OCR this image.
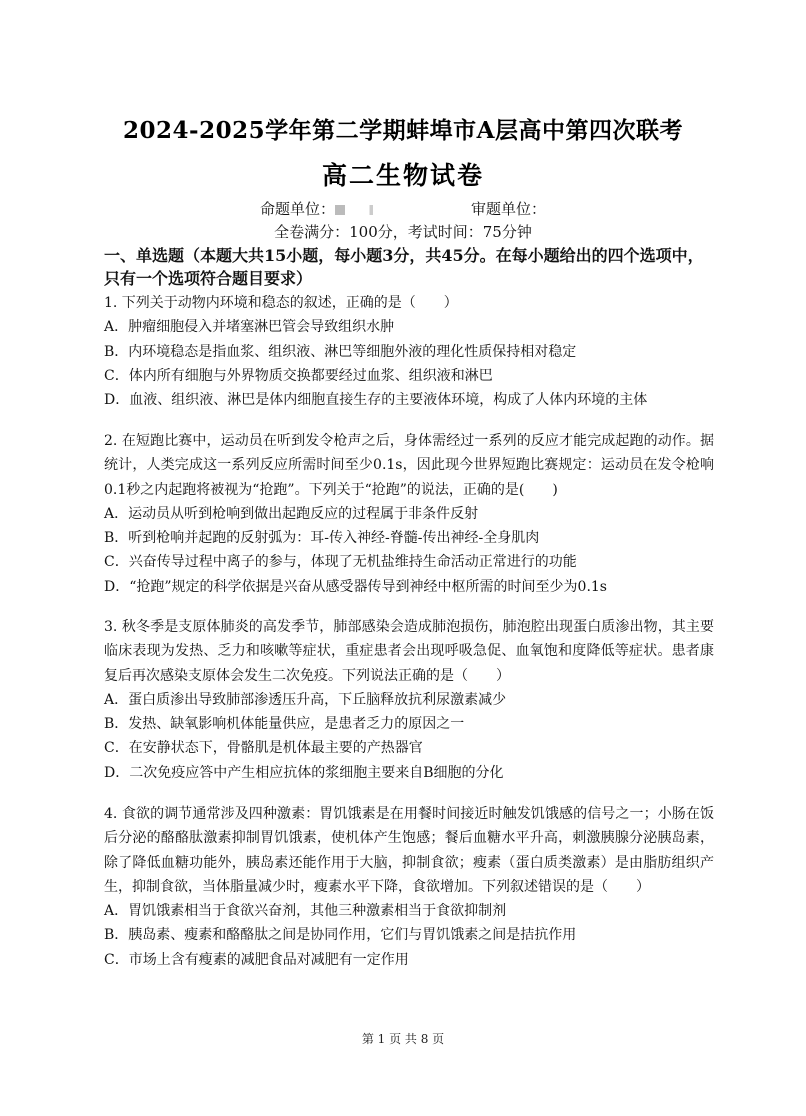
2024-2025学年第二学期蚌埠市A层高中第四次联考
高二生物试卷
命题单位：	审题单位：
全卷满分：100分，考试时间：75分钟
一、单选题（本题大共15小题，每小题3分，共45分。在每小题给出的四个选项中，只有一个选项符合题目要求）
1. 下列关于动物内环境和稳态的叙述，正确的是（　　）
A．肿瘤细胞侵入并堵塞淋巴管会导致组织水肿
B．内环境稳态是指血浆、组织液、淋巴等细胞外液的理化性质保持相对稳定
C．体内所有细胞与外界物质交换都要经过血浆、组织液和淋巴
D．血液、组织液、淋巴是体内细胞直接生存的主要液体环境，构成了人体内环境的主体
2. 在短跑比赛中，运动员在听到发令枪声之后，身体需经过一系列的反应才能完成起跑的动作。据统计，人类完成这一系列反应所需时间至少0.1s，因此现今世界短跑比赛规定：运动员在发令枪响0.1秒之内起跑将被视为“抢跑”。下列关于“抢跑”的说法，正确的是(　　)
A．运动员从听到枪响到做出起跑反应的过程属于非条件反射
B．听到枪响并起跑的反射弧为：耳-传入神经-脊髓-传出神经-全身肌肉
C．兴奋传导过程中离子的参与，体现了无机盐维持生命活动正常进行的功能
D．“抢跑”规定的科学依据是兴奋从感受器传导到神经中枢所需的时间至少为0.1s
3. 秋冬季是支原体肺炎的高发季节，肺部感染会造成肺泡损伤，肺泡腔出现蛋白质渗出物，其主要临床表现为发热、乏力和咳嗽等症状，重症患者会出现呼吸急促、血氧饱和度降低等症状。患者康复后再次感染支原体会发生二次免疫。下列说法正确的是（　　）
A．蛋白质渗出导致肺部渗透压升高，下丘脑释放抗利尿激素减少
B．发热、缺氧影响机体能量供应，是患者乏力的原因之一
C．在安静状态下，骨骼肌是机体最主要的产热器官
D．二次免疫应答中产生相应抗体的浆细胞主要来自B细胞的分化
4. 食欲的调节通常涉及四种激素：胃饥饿素是在用餐时间接近时触发饥饿感的信号之一；小肠在饭后分泌的酪酪肽激素抑制胃饥饿素，使机体产生饱感；餐后血糖水平升高，刺激胰腺分泌胰岛素，除了降低血糖功能外，胰岛素还能作用于大脑，抑制食欲；瘦素（蛋白质类激素）是由脂肪组织产生，抑制食欲，当体脂量减少时，瘦素水平下降，食欲增加。下列叙述错误的是（　　）
A．胃饥饿素相当于食欲兴奋剂，其他三种激素相当于食欲抑制剂
B．胰岛素、瘦素和酪酪肽之间是协同作用，它们与胃饥饿素之间是拮抗作用
C．市场上含有瘦素的减肥食品对减肥有一定作用
第 1 页 共 8 页
